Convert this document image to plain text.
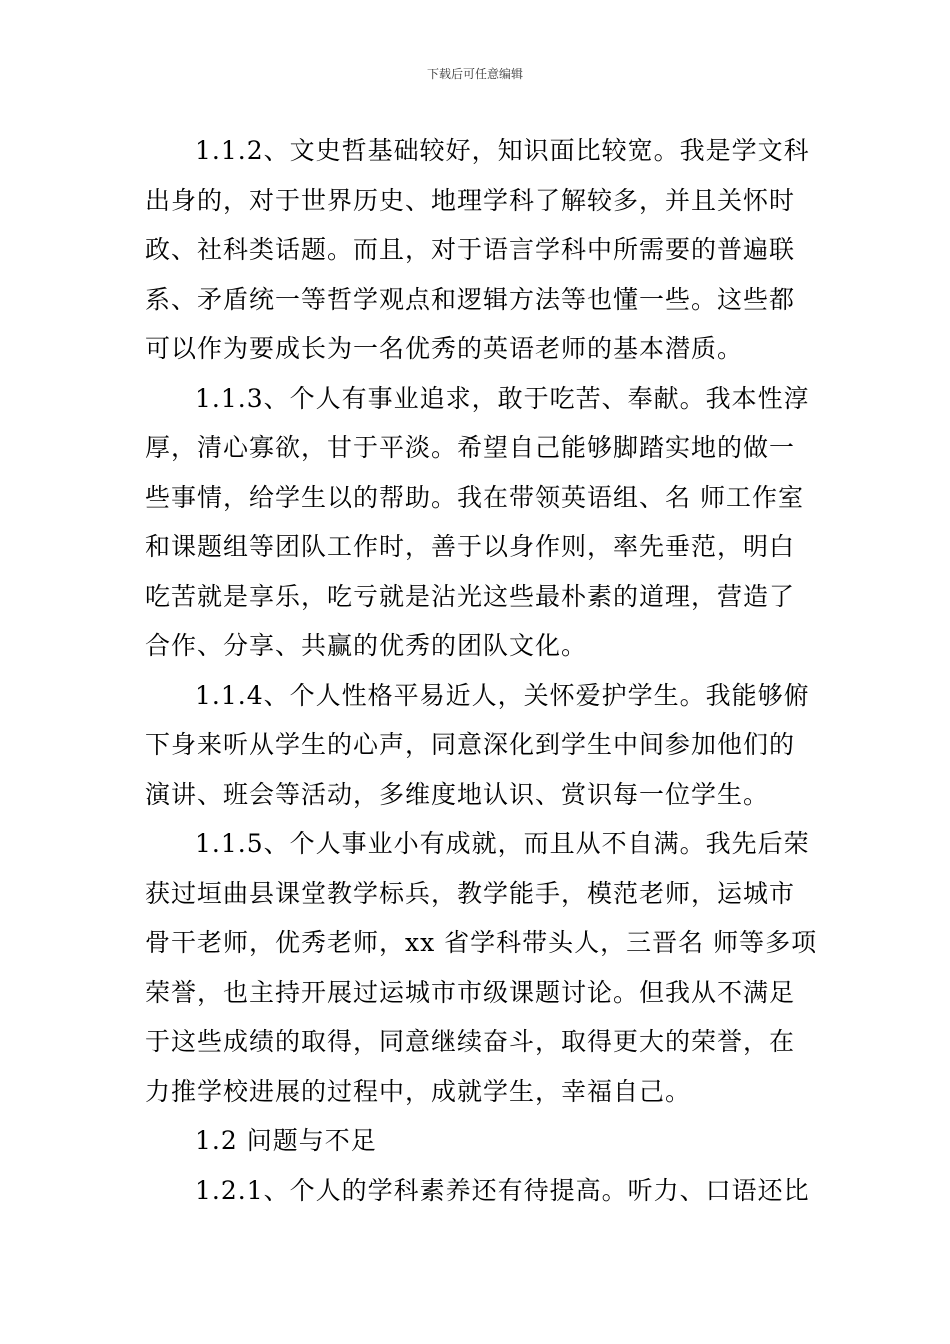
下载后可任意编辑

1.1.2、文史哲基础较好，知识面比较宽。我是学文科
出身的，对于世界历史、地理学科了解较多，并且关怀时
政、社科类话题。而且，对于语言学科中所需要的普遍联
系、矛盾统一等哲学观点和逻辑方法等也懂一些。这些都
可以作为要成长为一名优秀的英语老师的基本潜质。

1.1.3、个人有事业追求，敢于吃苦、奉献。我本性淳
厚，清心寡欲，甘于平淡。希望自己能够脚踏实地的做一
些事情，给学生以的帮助。我在带领英语组、名 师工作室
和课题组等团队工作时，善于以身作则，率先垂范，明白
吃苦就是享乐，吃亏就是沾光这些最朴素的道理，营造了
合作、分享、共赢的优秀的团队文化。

1.1.4、个人性格平易近人，关怀爱护学生。我能够俯
下身来听从学生的心声，同意深化到学生中间参加他们的
演讲、班会等活动，多维度地认识、赏识每一位学生。

1.1.5、个人事业小有成就，而且从不自满。我先后荣
获过垣曲县课堂教学标兵，教学能手，模范老师，运城市
骨干老师，优秀老师，xx 省学科带头人，三晋名 师等多项
荣誉，也主持开展过运城市市级课题讨论。但我从不满足
于这些成绩的取得，同意继续奋斗，取得更大的荣誉，在
力推学校进展的过程中，成就学生，幸福自己。

1.2 问题与不足

1.2.1、个人的学科素养还有待提高。听力、口语还比
